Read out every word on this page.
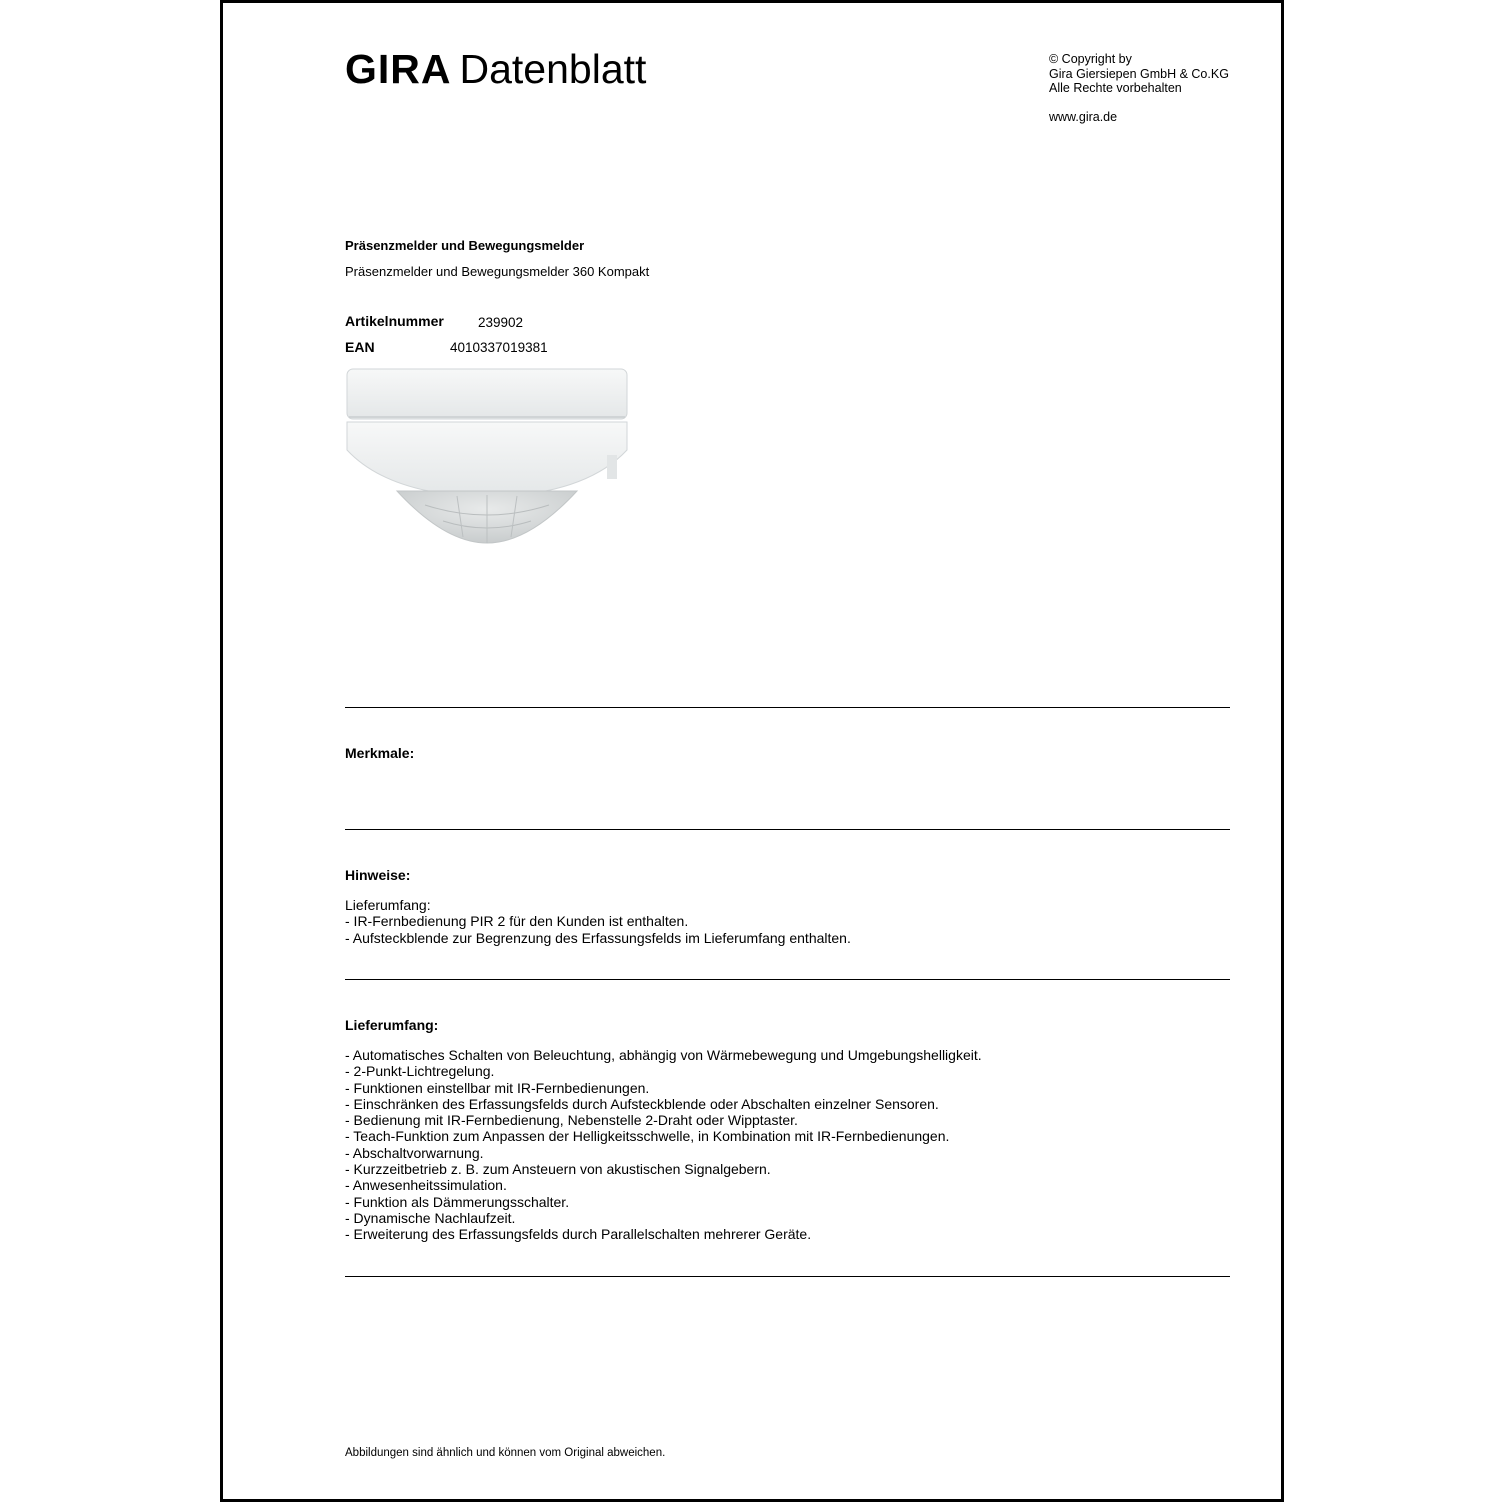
GIRA Datenblatt	© Copyright by
Gira Giersiepen GmbH & Co.KG
Alle Rechte vorbehalten
www.gira.de
Präsenzmelder und Bewegungsmelder
Präsenzmelder und Bewegungsmelder 360 Kompakt
Artikelnummer	239902
EAN	4010337019381
Merkmale:
Hinweise:
Lieferumfang:
- IR-Fernbedienung PIR 2 für den Kunden ist enthalten.
- Aufsteckblende zur Begrenzung des Erfassungsfelds im Lieferumfang enthalten.
Lieferumfang:
- Automatisches Schalten von Beleuchtung, abhängig von Wärmebewegung und Umgebungshelligkeit.
- 2-Punkt-Lichtregelung.
- Funktionen einstellbar mit IR-Fernbedienungen.
- Einschränken des Erfassungsfelds durch Aufsteckblende oder Abschalten einzelner Sensoren.
- Bedienung mit IR-Fernbedienung, Nebenstelle 2-Draht oder Wipptaster.
- Teach-Funktion zum Anpassen der Helligkeitsschwelle, in Kombination mit IR-Fernbedienungen.
- Abschaltvorwarnung.
- Kurzzeitbetrieb z. B. zum Ansteuern von akustischen Signalgebern.
- Anwesenheitssimulation.
- Funktion als Dämmerungsschalter.
- Dynamische Nachlaufzeit.
- Erweiterung des Erfassungsfelds durch Parallelschalten mehrerer Geräte.
Abbildungen sind ähnlich und können vom Original abweichen.
